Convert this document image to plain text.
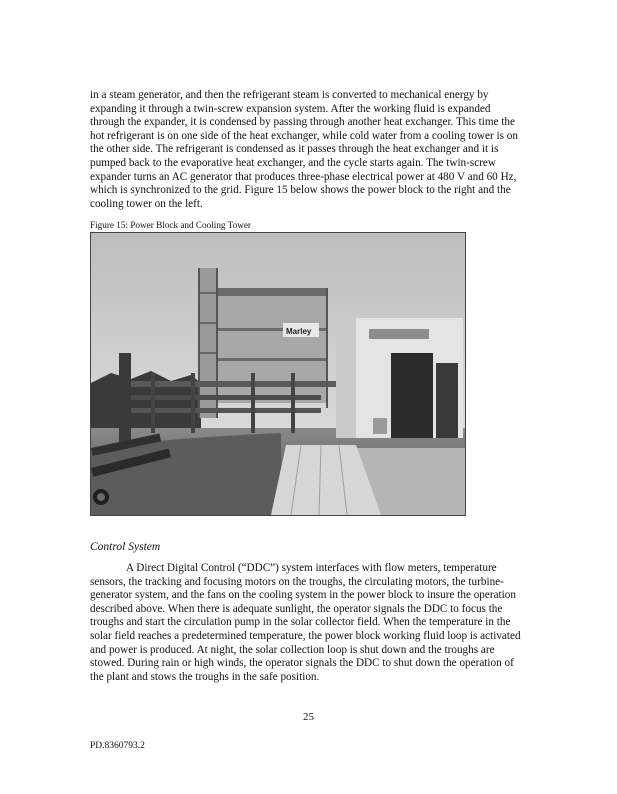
in a steam generator, and then the refrigerant steam is converted to mechanical energy by
expanding it through a twin-screw expansion system. After the working fluid is expanded
through the expander, it is condensed by passing through another heat exchanger. This time the
hot refrigerant is on one side of the heat exchanger, while cold water from a cooling tower is on
the other side. The refrigerant is condensed as it passes through the heat exchanger and it is
pumped back to the evaporative heat exchanger, and the cycle starts again. The twin-screw
expander turns an AC generator that produces three-phase electrical power at 480 V and 60 Hz,
which is synchronized to the grid. Figure 15 below shows the power block to the right and the
cooling tower on the left.

Figure 15: Power Block and Cooling Tower

Marley

Control System

A Direct Digital Control (“DDC”) system interfaces with flow meters, temperature
sensors, the tracking and focusing motors on the troughs, the circulating motors, the turbine-
generator system, and the fans on the cooling system in the power block to insure the operation
described above. When there is adequate sunlight, the operator signals the DDC to focus the
troughs and start the circulation pump in the solar collector field. When the temperature in the
solar field reaches a predetermined temperature, the power block working fluid loop is activated
and power is produced. At night, the solar collection loop is shut down and the troughs are
stowed. During rain or high winds, the operator signals the DDC to shut down the operation of
the plant and stows the troughs in the safe position.

25

PD.8360793.2
